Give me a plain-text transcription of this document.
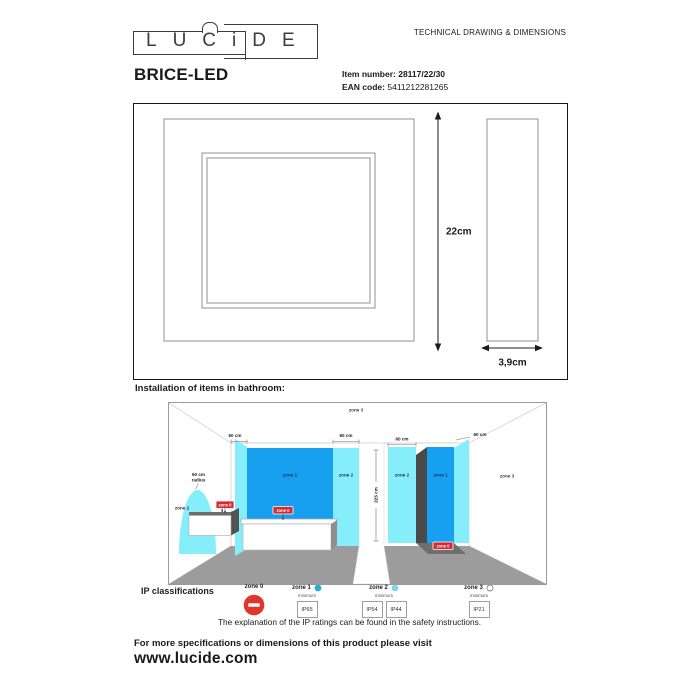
LUCiDE	TECHNICAL DRAWING & DIMENSIONS
BRICE-LED	Item number: 28117/22/30
EAN code: 5411212281265
22cm
3,9cm
Installation of items in bathroom:
zone 0
zone 0
zone 0
zone 3
60 cm	60 cm
60 cm
60 cm
zone 1	zone 2	zone 2	zone 1	zone 3
zone 2
60 cm
radius
225 cm
IP classifications	zone 0	zone 1
minimum
IP65
zone 2
minimum
IP54	IP44
zone 3
minimum
IP21
The explanation of the IP ratings can be found in the safety instructions.
For more specifications or dimensions of this product please visit
www.lucide.com
